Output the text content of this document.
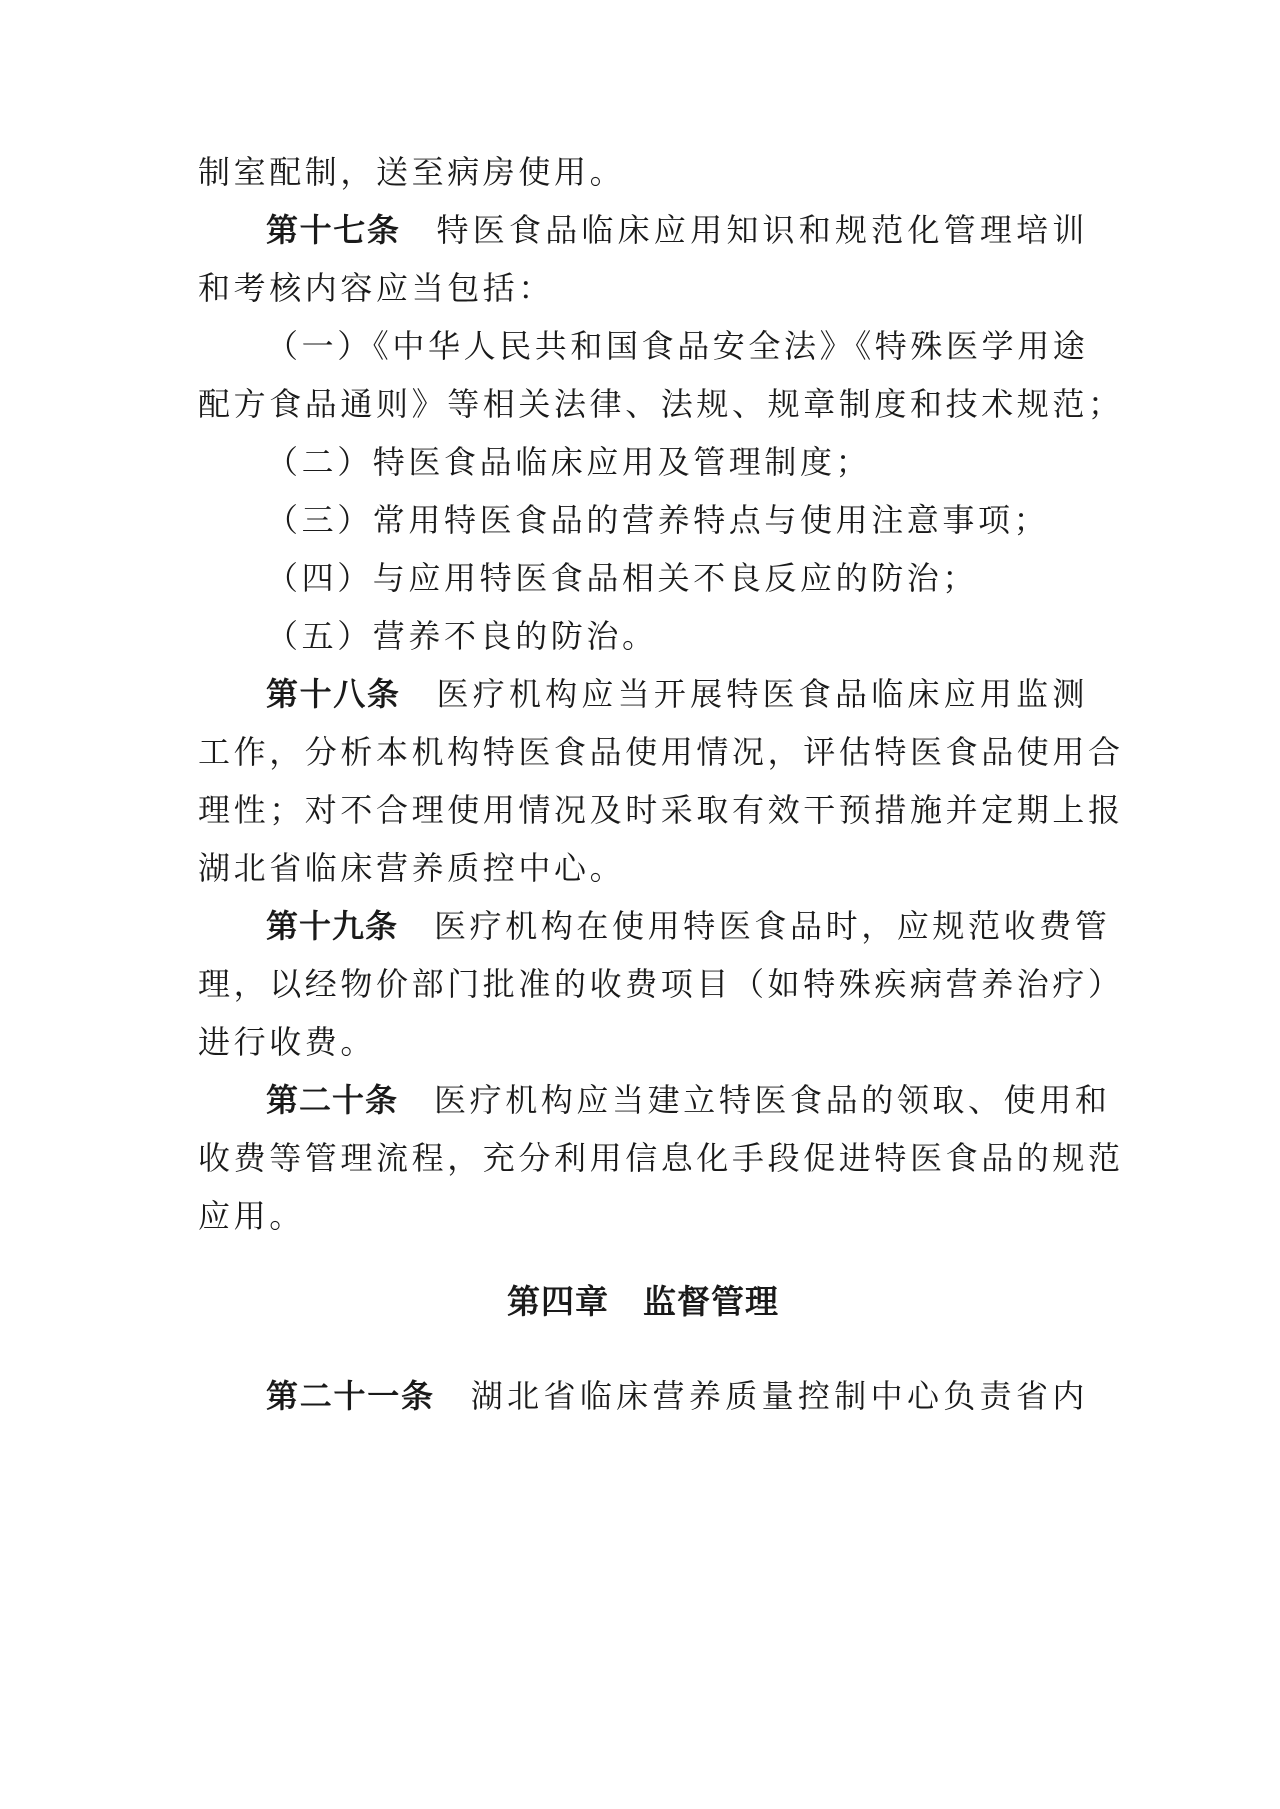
制室配制，送至病房使用。
第十七条 特医食品临床应用知识和规范化管理培训
和考核内容应当包括：
（一）《中华人民共和国食品安全法》《特殊医学用途
配方食品通则》等相关法律、法规、规章制度和技术规范；
（二）特医食品临床应用及管理制度；
（三）常用特医食品的营养特点与使用注意事项；
（四）与应用特医食品相关不良反应的防治；
（五）营养不良的防治。
第十八条 医疗机构应当开展特医食品临床应用监测
工作，分析本机构特医食品使用情况，评估特医食品使用合
理性；对不合理使用情况及时采取有效干预措施并定期上报
湖北省临床营养质控中心。
第十九条 医疗机构在使用特医食品时，应规范收费管
理，以经物价部门批准的收费项目（如特殊疾病营养治疗）
进行收费。
第二十条 医疗机构应当建立特医食品的领取、使用和
收费等管理流程，充分利用信息化手段促进特医食品的规范
应用。
第四章 监督管理
第二十一条 湖北省临床营养质量控制中心负责省内
